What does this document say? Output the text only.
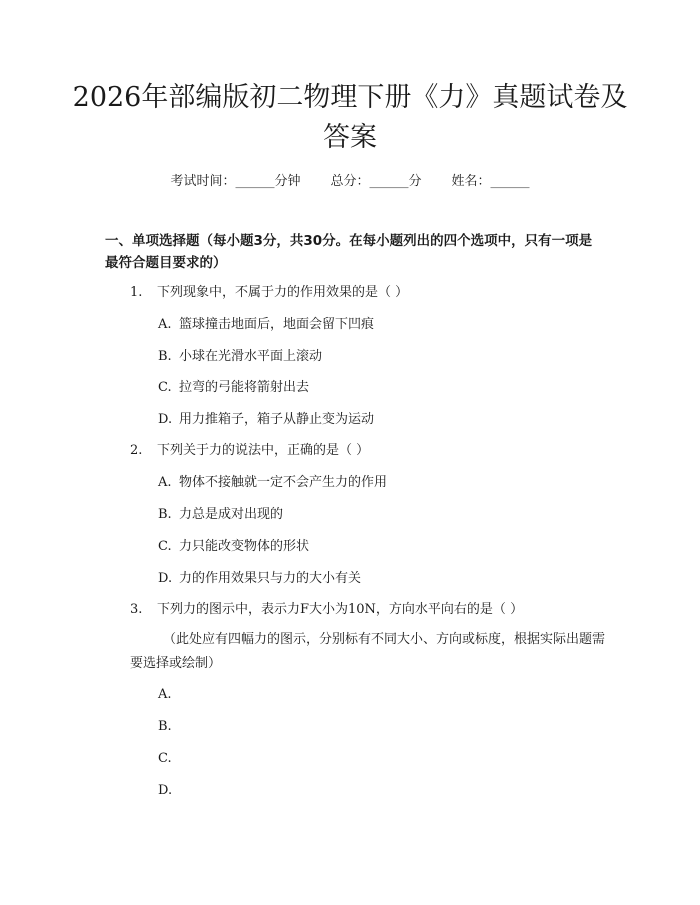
2026年部编版初二物理下册《力》真题试卷及答案
考试时间：______分钟 总分：______分 姓名：______
一、单项选择题（每小题3分，共30分。在每小题列出的四个选项中，只有一项是最符合题目要求的）
1. 下列现象中，不属于力的作用效果的是（ ）
A. 篮球撞击地面后，地面会留下凹痕
B. 小球在光滑水平面上滚动
C. 拉弯的弓能将箭射出去
D. 用力推箱子，箱子从静止变为运动
2. 下列关于力的说法中，正确的是（ ）
A. 物体不接触就一定不会产生力的作用
B. 力总是成对出现的
C. 力只能改变物体的形状
D. 力的作用效果只与力的大小有关
3. 下列力的图示中，表示力F大小为10N，方向水平向右的是（ ）
（此处应有四幅力的图示，分别标有不同大小、方向或标度，根据实际出题需要选择或绘制）
A.
B.
C.
D.
